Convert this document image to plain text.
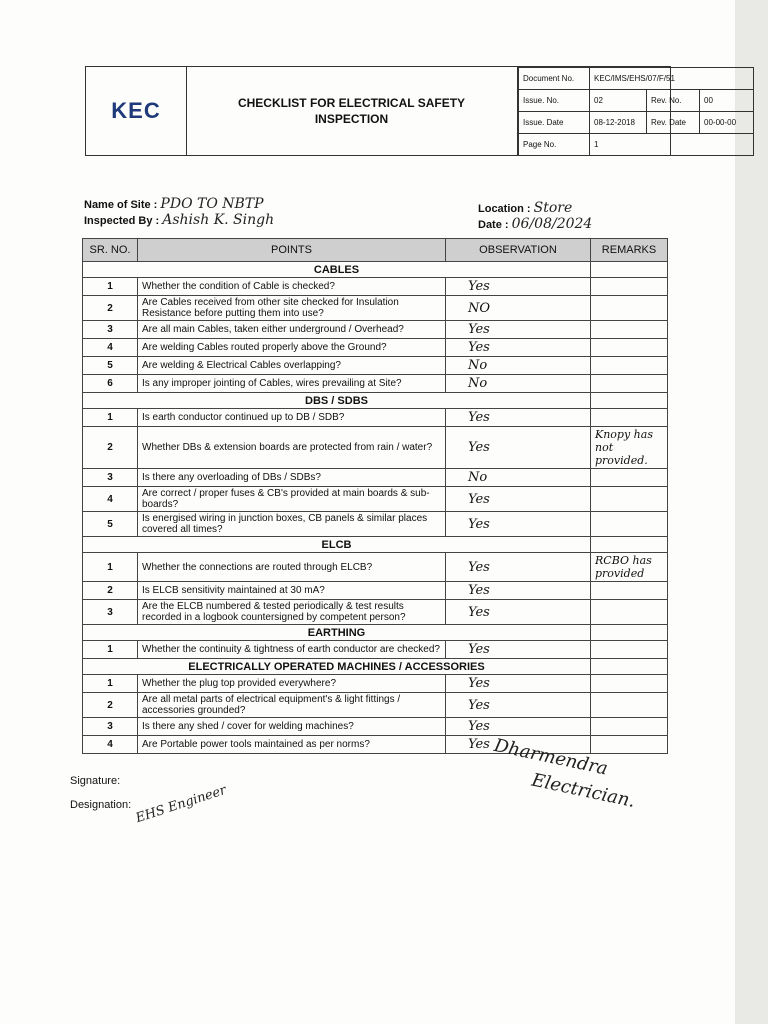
KEC	CHECKLIST FOR ELECTRICAL SAFETY INSPECTION
Document No.	KEC/IMS/EHS/07/F/51		
Issue. No.	02	Rev. No.	00
Issue. Date	08-12-2018	Rev. Date	00-00-00
Page No.	1		
Name of Site : PDO TO NBTP
Inspected By : Ashish K. Singh
Location : Store
Date : 06/08/2024
SR. NO.	POINTS	OBSERVATION	REMARKS
CABLES			
1	Whether the condition of Cable is checked?	Yes	
2	Are Cables received from other site checked for Insulation Resistance before putting them into use?	NO	
3	Are all main Cables, taken either underground / Overhead?	Yes	
4	Are welding Cables routed properly above the Ground?	Yes	
5	Are welding & Electrical Cables overlapping?	No	
6	Is any improper jointing of Cables, wires prevailing at Site?	No	
DBS / SDBS			
1	Is earth conductor continued up to DB / SDB?	Yes	
2	Whether DBs & extension boards are protected from rain / water?	Yes	Knopy has not provided.
3	Is there any overloading of DBs / SDBs?	No	
4	Are correct / proper fuses & CB's provided at main boards & sub- boards?	Yes	
5	Is energised wiring in junction boxes, CB panels & similar places covered all times?	Yes	
ELCB			
1	Whether the connections are routed through ELCB?	Yes	RCBO has provided
2	Is ELCB sensitivity maintained at 30 mA?	Yes	
3	Are the ELCB numbered & tested periodically & test results recorded in a logbook countersigned by competent person?	Yes	
EARTHING			
1	Whether the continuity & tightness of earth conductor are checked?	Yes	
ELECTRICALLY OPERATED MACHINES / ACCESSORIES			
1	Whether the plug top provided everywhere?	Yes	
2	Are all metal parts of electrical equipment's & light fittings / accessories grounded?	Yes	
3	Is there any shed / cover for welding machines?	Yes	
4	Are Portable power tools maintained as per norms?	Yes	
Signature:
Designation: EHS Engineer
Dharmendra
Electrician.
